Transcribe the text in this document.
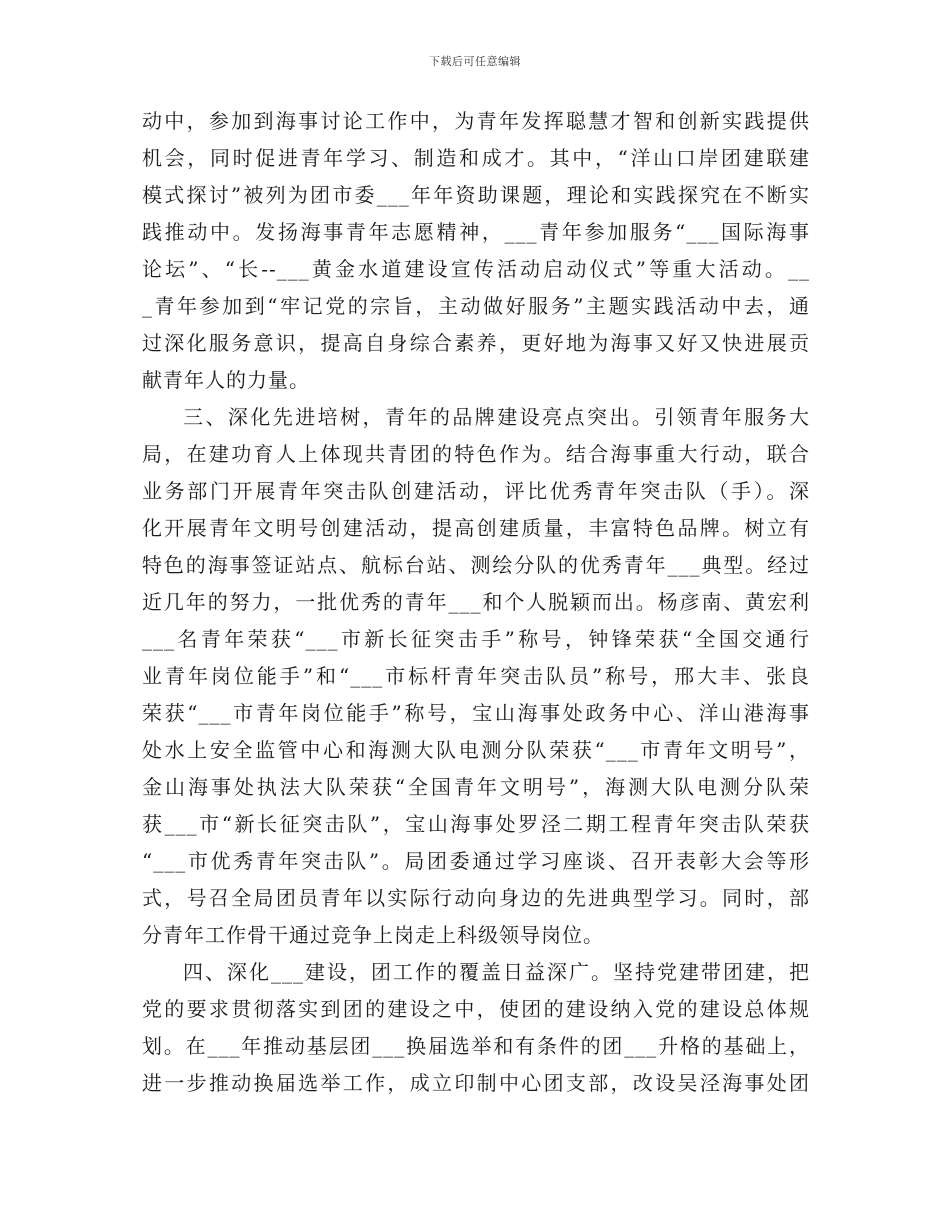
下载后可任意编辑
动中，参加到海事讨论工作中，为青年发挥聪慧才智和创新实践提供
机会，同时促进青年学习、制造和成才。其中，“洋山口岸团建联建
模式探讨”被列为团市委___年年资助课题，理论和实践探究在不断实
践推动中。发扬海事青年志愿精神，___青年参加服务“___国际海事
论坛”、“长--___黄金水道建设宣传活动启动仪式”等重大活动。__
_青年参加到“牢记党的宗旨，主动做好服务”主题实践活动中去，通
过深化服务意识，提高自身综合素养，更好地为海事又好又快进展贡
献青年人的力量。
三、深化先进培树，青年的品牌建设亮点突出。引领青年服务大
局，在建功育人上体现共青团的特色作为。结合海事重大行动，联合
业务部门开展青年突击队创建活动，评比优秀青年突击队（手）。深
化开展青年文明号创建活动，提高创建质量，丰富特色品牌。树立有
特色的海事签证站点、航标台站、测绘分队的优秀青年___典型。经过
近几年的努力，一批优秀的青年___和个人脱颖而出。杨彦南、黄宏利
___名青年荣获“___市新长征突击手”称号，钟锋荣获“全国交通行
业青年岗位能手”和“___市标杆青年突击队员”称号，邢大丰、张良
荣获“___市青年岗位能手”称号，宝山海事处政务中心、洋山港海事
处水上安全监管中心和海测大队电测分队荣获“___市青年文明号”，
金山海事处执法大队荣获“全国青年文明号”，海测大队电测分队荣
获___市“新长征突击队”，宝山海事处罗泾二期工程青年突击队荣获
“___市优秀青年突击队”。局团委通过学习座谈、召开表彰大会等形
式，号召全局团员青年以实际行动向身边的先进典型学习。同时，部
分青年工作骨干通过竞争上岗走上科级领导岗位。
四、深化___建设，团工作的覆盖日益深广。坚持党建带团建，把
党的要求贯彻落实到团的建设之中，使团的建设纳入党的建设总体规
划。在___年推动基层团___换届选举和有条件的团___升格的基础上，
进一步推动换届选举工作，成立印制中心团支部，改设吴泾海事处团
